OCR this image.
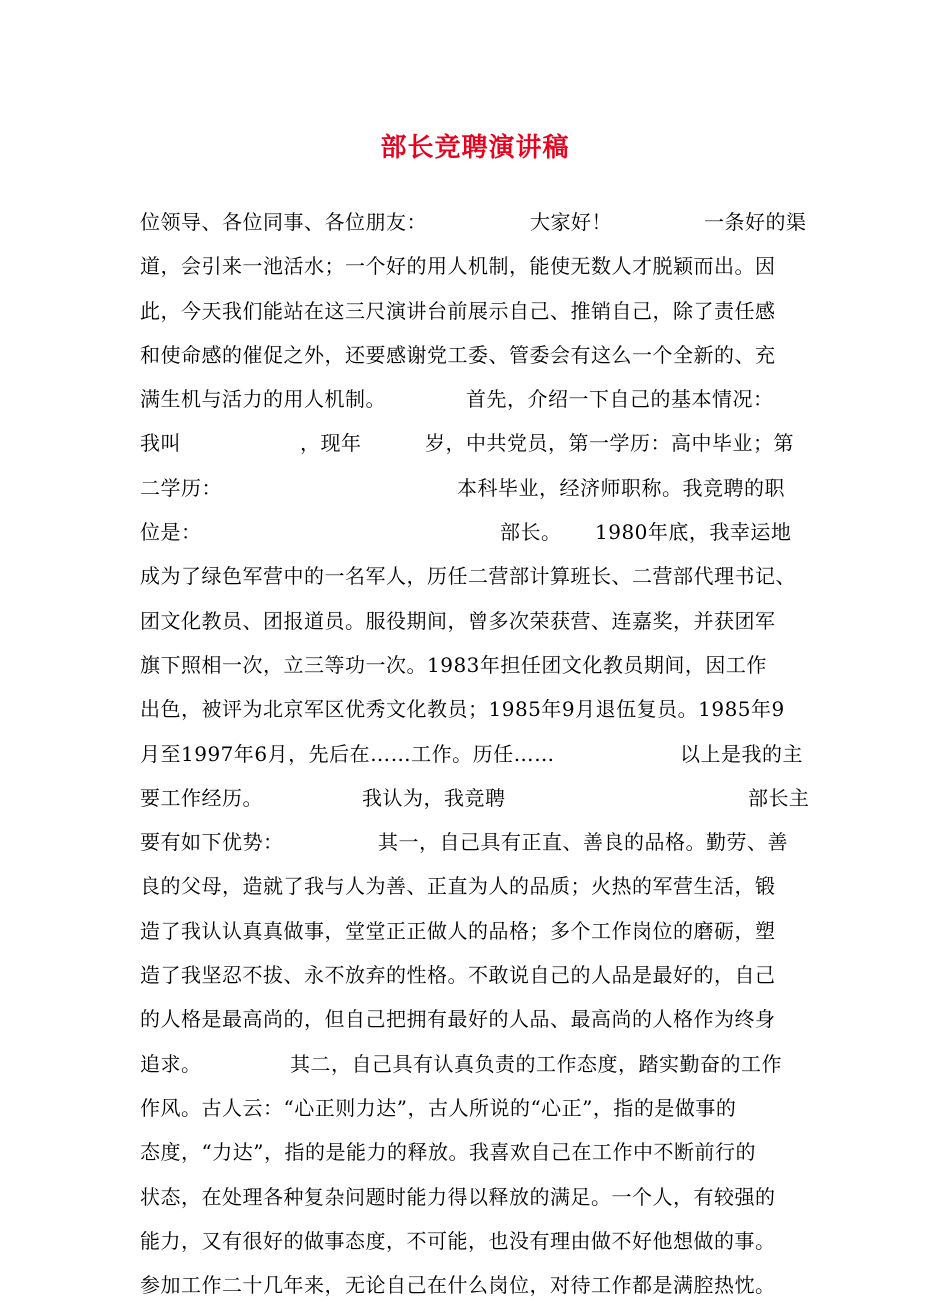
部长竞聘演讲稿
位领导、各位同事、各位朋友：	大家好！	一条好的渠
道，会引来一池活水；一个好的用人机制，能使无数人才脱颖而出。因
此，今天我们能站在这三尺演讲台前展示自己、推销自己，除了责任感
和使命感的催促之外，还要感谢党工委、管委会有这么一个全新的、充
满生机与活力的用人机制。	首先，介绍一下自己的基本情况：
我叫	，现年	岁，中共党员，第一学历：高中毕业；第
二学历：	本科毕业，经济师职称。我竞聘的职
位是：	部长。 1980年底，我幸运地
成为了绿色军营中的一名军人，历任二营部计算班长、二营部代理书记、
团文化教员、团报道员。服役期间，曾多次荣获营、连嘉奖，并获团军
旗下照相一次，立三等功一次。1983年担任团文化教员期间，因工作
出色，被评为北京军区优秀文化教员；1985年9月退伍复员。1985年9
月至1997年6月，先后在……工作。历任……	以上是我的主
要工作经历。	我认为，我竞聘	部长主
要有如下优势：	其一，自己具有正直、善良的品格。勤劳、善
良的父母，造就了我与人为善、正直为人的品质；火热的军营生活，锻
造了我认认真真做事，堂堂正正做人的品格；多个工作岗位的磨砺，塑
造了我坚忍不拔、永不放弃的性格。不敢说自己的人品是最好的，自己
的人格是最高尚的，但自己把拥有最好的人品、最高尚的人格作为终身
追求。	其二，自己具有认真负责的工作态度，踏实勤奋的工作
作风。古人云：“心正则力达”，古人所说的“心正”，指的是做事的
态度，“力达”，指的是能力的释放。我喜欢自己在工作中不断前行的
状态，在处理各种复杂问题时能力得以释放的满足。一个人，有较强的
能力，又有很好的做事态度，不可能，也没有理由做不好他想做的事。
参加工作二十几年来，无论自己在什么岗位，对待工作都是满腔热忱。
